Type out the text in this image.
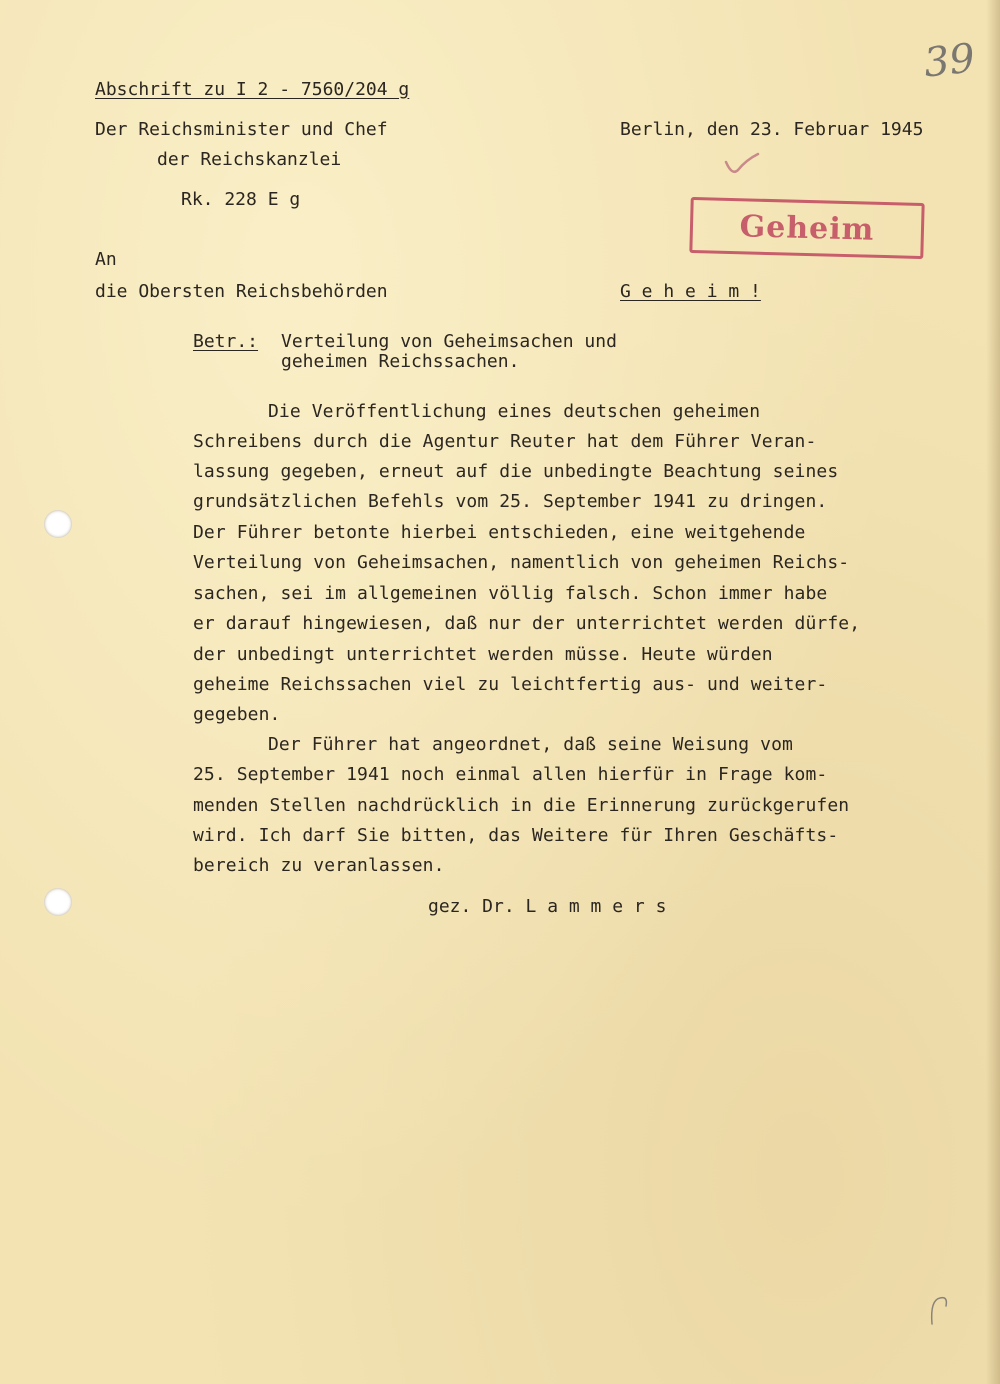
39
Abschrift zu I 2 - 7560/204 g
Der Reichsminister und Chef
der Reichskanzlei
Rk. 228 E g
Berlin, den 23. Februar 1945
Geheim
An
die Obersten Reichsbehörden	G e h e i m !
Betr.: Verteilung von Geheimsachen und
geheimen Reichssachen.
Die Veröffentlichung eines deutschen geheimen
Schreibens durch die Agentur Reuter hat dem Führer Veran-
lassung gegeben, erneut auf die unbedingte Beachtung seines
grundsätzlichen Befehls vom 25. September 1941 zu dringen.
Der Führer betonte hierbei entschieden, eine weitgehende
Verteilung von Geheimsachen, namentlich von geheimen Reichs-
sachen, sei im allgemeinen völlig falsch. Schon immer habe
er darauf hingewiesen, daß nur der unterrichtet werden dürfe,
der unbedingt unterrichtet werden müsse. Heute würden
geheime Reichssachen viel zu leichtfertig aus- und weiter-
gegeben.
Der Führer hat angeordnet, daß seine Weisung vom
25. September 1941 noch einmal allen hierfür in Frage kom-
menden Stellen nachdrücklich in die Erinnerung zurückgerufen
wird. Ich darf Sie bitten, das Weitere für Ihren Geschäfts-
bereich zu veranlassen.
gez. Dr. L a m m e r s
